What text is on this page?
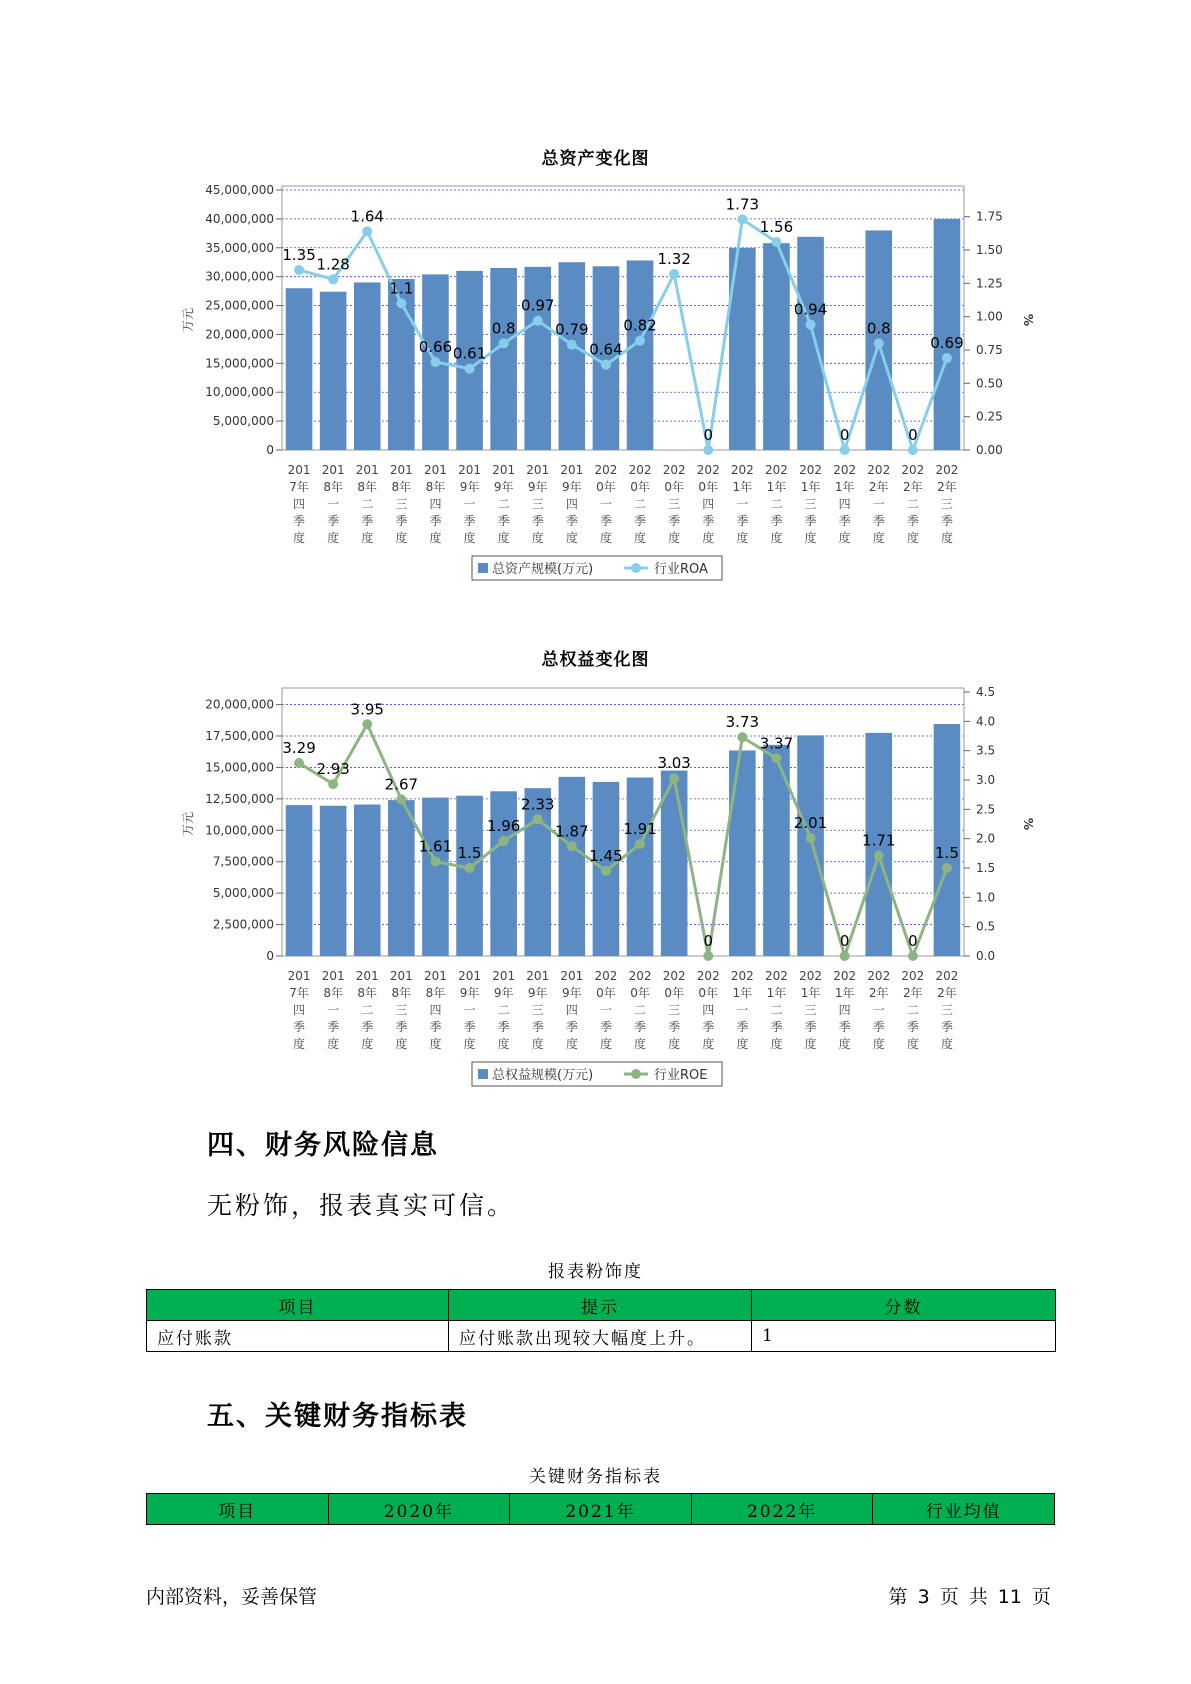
总资产变化图
0
5,000,000
10,000,000
15,000,000
20,000,000
25,000,000
30,000,000
35,000,000
40,000,000
45,000,000
0.00
0.25
0.50
0.75
1.00
1.25
1.50
1.75
万元	%
1.35
1.28
1.64
1.1
0.66 0.61
0.8
0.97
0.79
0.64
0.82
1.32
0
1.73
1.56
0.94
0
0.8
0
0.69
201
7年
四
季
度
201
8年
一
季
度
201
8年
二
季
度
201
8年
三
季
度
201
8年
四
季
度
201
9年
一
季
度
201
9年
二
季
度
201
9年
三
季
度
201
9年
四
季
度
202
0年
一
季
度
202
0年
二
季
度
202
0年
三
季
度
202
0年
四
季
度
202
1年
一
季
度
202
1年
二
季
度
202
1年
三
季
度
202
1年
四
季
度
202
2年
一
季
度
202
2年
二
季
度
202
2年
三
季
度
总资产规模(万元)	行业ROA
总权益变化图
0
2,500,000
5,000,000
7,500,000
10,000,000
12,500,000
15,000,000
17,500,000
20,000,000
0.0
0.5
1.0
1.5
2.0
2.5
3.0
3.5
4.0
4.5
万元	%
3.29
2.93
3.95
2.67
1.61 1.5
1.96
2.33
1.87
1.45
1.91
3.03
0
3.73
3.37
2.01
0
1.71
0
1.5
201
7年
四
季
度
201
8年
一
季
度
201
8年
二
季
度
201
8年
三
季
度
201
8年
四
季
度
201
9年
一
季
度
201
9年
二
季
度
201
9年
三
季
度
201
9年
四
季
度
202
0年
一
季
度
202
0年
二
季
度
202
0年
三
季
度
202
0年
四
季
度
202
1年
一
季
度
202
1年
二
季
度
202
1年
三
季
度
202
1年
四
季
度
202
2年
一
季
度
202
2年
二
季
度
202
2年
三
季
度
总权益规模(万元)	行业ROE
四、财务风险信息
无粉饰，报表真实可信。
报表粉饰度
项目	提示	分数
应付账款	应付账款出现较大幅度上升。	1
五、关键财务指标表
关键财务指标表
项目	2020年	2021年	2022年	行业均值
内部资料，妥善保管	第 3 页 共 11 页
